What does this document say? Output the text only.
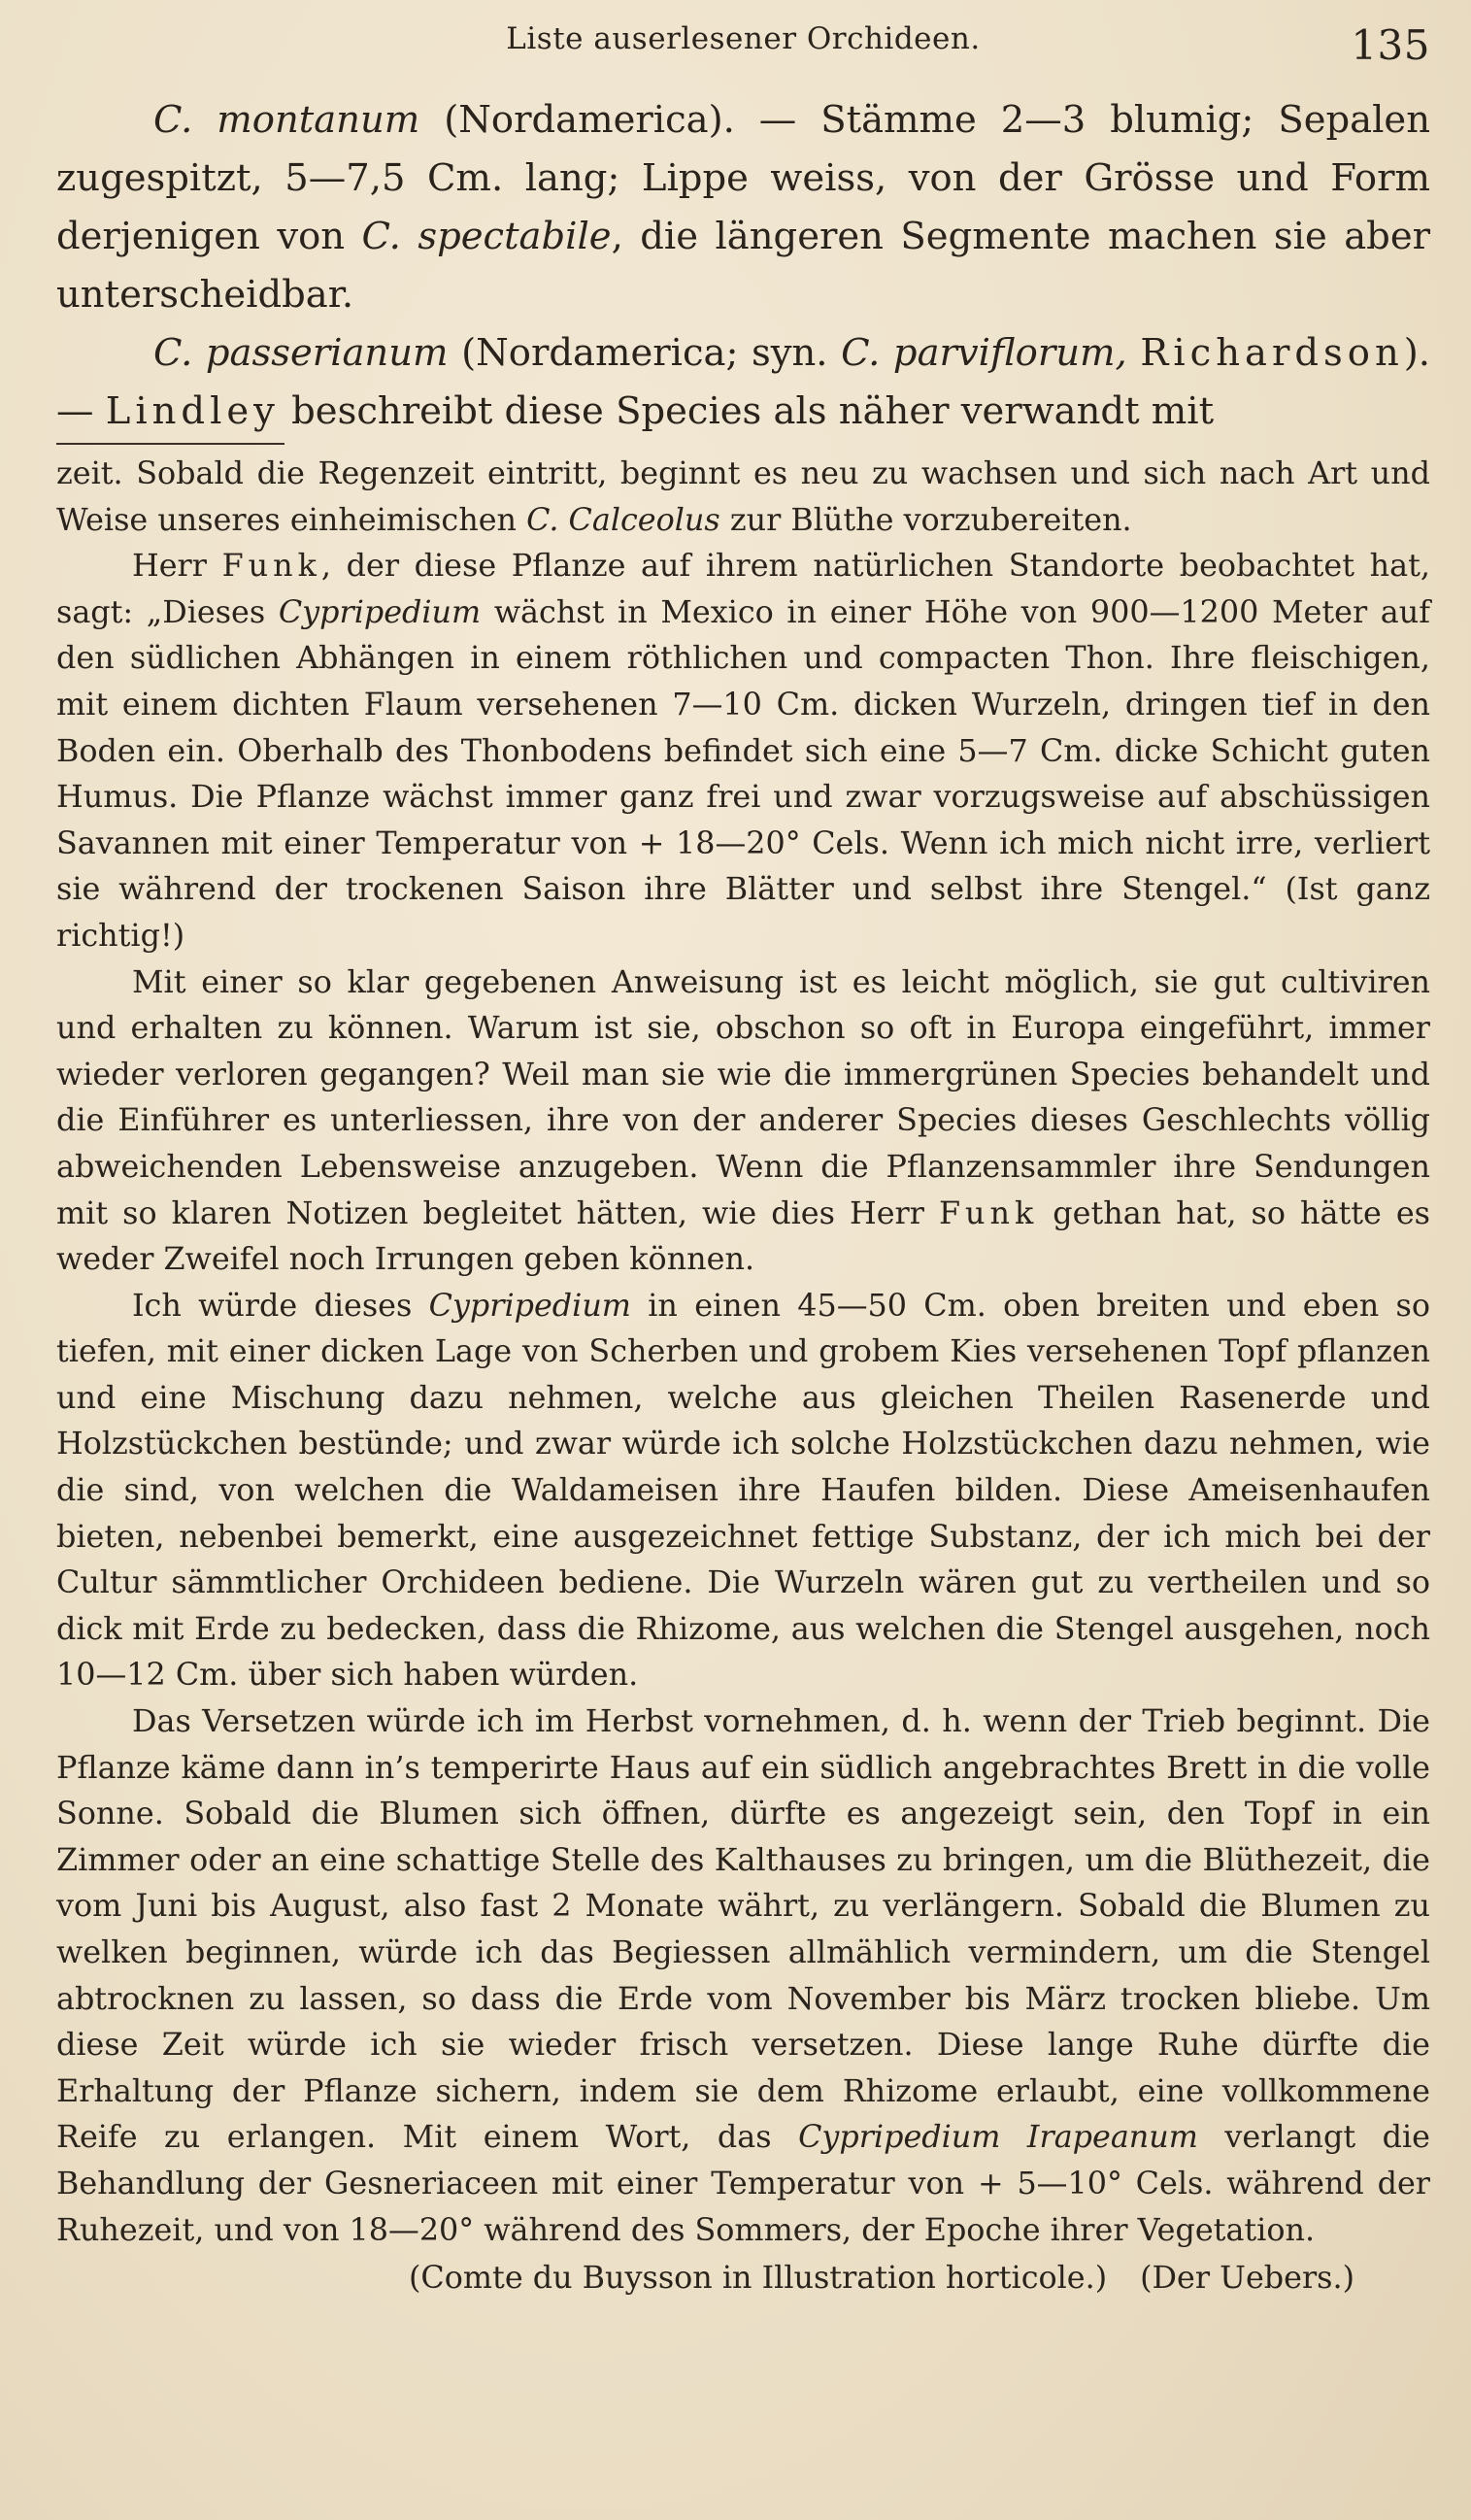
Liste auserlesener Orchideen.	135

C. montanum (Nordamerica). — Stämme 2—3 blumig; Sepalen zugespitzt, 5—7,5 Cm. lang; Lippe weiss, von der Grösse und Form derjenigen von C. spectabile, die längeren Segmente machen sie aber unterscheidbar.

C. passerianum (Nordamerica; syn. C. parviflorum, Richardson). — Lindley beschreibt diese Species als näher verwandt mit

zeit. Sobald die Regenzeit eintritt, beginnt es neu zu wachsen und sich nach Art und Weise unseres einheimischen C. Calceolus zur Blüthe vorzubereiten.

Herr Funk, der diese Pflanze auf ihrem natürlichen Standorte beobachtet hat, sagt: „Dieses Cypripedium wächst in Mexico in einer Höhe von 900—1200 Meter auf den südlichen Abhängen in einem röthlichen und compacten Thon. Ihre fleischigen, mit einem dichten Flaum versehenen 7—10 Cm. dicken Wurzeln, dringen tief in den Boden ein. Oberhalb des Thonbodens befindet sich eine 5—7 Cm. dicke Schicht guten Humus. Die Pflanze wächst immer ganz frei und zwar vorzugsweise auf abschüssigen Savannen mit einer Temperatur von + 18—20° Cels. Wenn ich mich nicht irre, verliert sie während der trockenen Saison ihre Blätter und selbst ihre Stengel.“ (Ist ganz richtig!)

Mit einer so klar gegebenen Anweisung ist es leicht möglich, sie gut cultiviren und erhalten zu können. Warum ist sie, obschon so oft in Europa eingeführt, immer wieder verloren gegangen? Weil man sie wie die immergrünen Species behandelt und die Einführer es unterliessen, ihre von der anderer Species dieses Geschlechts völlig abweichenden Lebensweise anzugeben. Wenn die Pflanzensammler ihre Sendungen mit so klaren Notizen begleitet hätten, wie dies Herr Funk gethan hat, so hätte es weder Zweifel noch Irrungen geben können.

Ich würde dieses Cypripedium in einen 45—50 Cm. oben breiten und eben so tiefen, mit einer dicken Lage von Scherben und grobem Kies versehenen Topf pflanzen und eine Mischung dazu nehmen, welche aus gleichen Theilen Rasenerde und Holzstückchen bestünde; und zwar würde ich solche Holzstückchen dazu nehmen, wie die sind, von welchen die Waldameisen ihre Haufen bilden. Diese Ameisenhaufen bieten, nebenbei bemerkt, eine ausgezeichnet fettige Substanz, der ich mich bei der Cultur sämmtlicher Orchideen bediene. Die Wurzeln wären gut zu vertheilen und so dick mit Erde zu bedecken, dass die Rhizome, aus welchen die Stengel ausgehen, noch 10—12 Cm. über sich haben würden.

Das Versetzen würde ich im Herbst vornehmen, d. h. wenn der Trieb beginnt. Die Pflanze käme dann in’s temperirte Haus auf ein südlich angebrachtes Brett in die volle Sonne. Sobald die Blumen sich öffnen, dürfte es angezeigt sein, den Topf in ein Zimmer oder an eine schattige Stelle des Kalthauses zu bringen, um die Blüthezeit, die vom Juni bis August, also fast 2 Monate währt, zu verlängern. Sobald die Blumen zu welken beginnen, würde ich das Begiessen allmählich vermindern, um die Stengel abtrocknen zu lassen, so dass die Erde vom November bis März trocken bliebe. Um diese Zeit würde ich sie wieder frisch versetzen. Diese lange Ruhe dürfte die Erhaltung der Pflanze sichern, indem sie dem Rhizome erlaubt, eine vollkommene Reife zu erlangen. Mit einem Wort, das Cypripedium Irapeanum verlangt die Behandlung der Gesneriaceen mit einer Temperatur von + 5—10° Cels. während der Ruhezeit, und von 18—20° während des Sommers, der Epoche ihrer Vegetation.

(Comte du Buysson in Illustration horticole.) (Der Uebers.)
